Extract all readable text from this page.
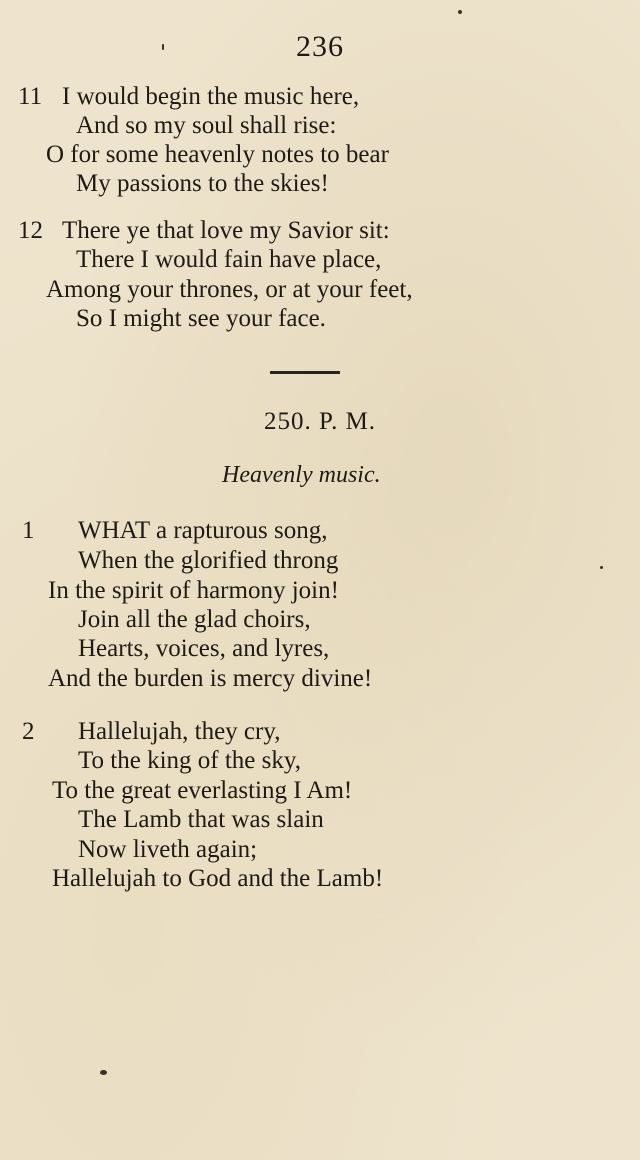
236
11 I would begin the music here,
And so my soul shall rise:
O for some heavenly notes to bear
My passions to the skies!
12 There ye that love my Savior sit:
There I would fain have place,
Among your thrones, or at your feet,
So I might see your face.
250. P. M.
Heavenly music.
1 WHAT a rapturous song,
When the glorified throng
In the spirit of harmony join!
Join all the glad choirs,
Hearts, voices, and lyres,
And the burden is mercy divine!
2 Hallelujah, they cry,
To the king of the sky,
To the great everlasting I Am!
The Lamb that was slain
Now liveth again;
Hallelujah to God and the Lamb!
